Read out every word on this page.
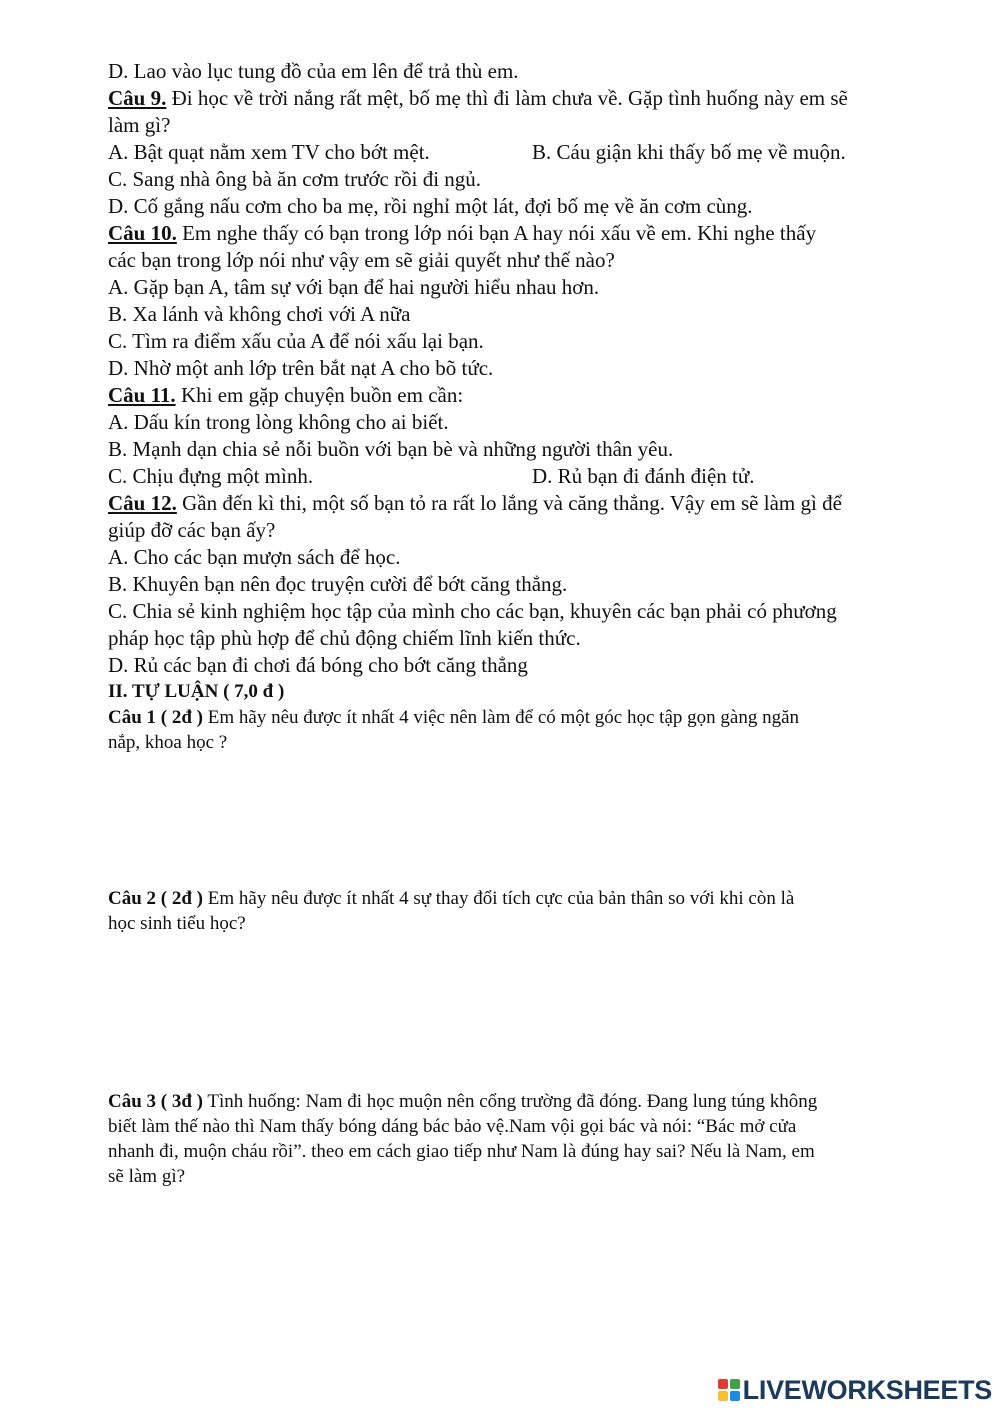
D. Lao vào lục tung đồ của em lên để trả thù em.

Câu 9. Đi học về trời nắng rất mệt, bố mẹ thì đi làm chưa về. Gặp tình huống này em sẽ

làm gì?

A. Bật quạt nằm xem TV cho bớt mệt.	B. Cáu giận khi thấy bố mẹ về muộn.

C. Sang nhà ông bà ăn cơm trước rồi đi ngủ.

D. Cố gắng nấu cơm cho ba mẹ, rồi nghỉ một lát, đợi bố mẹ về ăn cơm cùng.

Câu 10. Em nghe thấy có bạn trong lớp nói bạn A hay nói xấu về em. Khi nghe thấy

các bạn trong lớp nói như vậy em sẽ giải quyết như thế nào?

A. Gặp bạn A, tâm sự với bạn để hai người hiểu nhau hơn.

B. Xa lánh và không chơi với A nữa

C. Tìm ra điểm xấu của A để nói xấu lại bạn.

D. Nhờ một anh lớp trên bắt nạt A cho bõ tức.

Câu 11. Khi em gặp chuyện buồn em cần:

A. Dấu kín trong lòng không cho ai biết.

B. Mạnh dạn chia sẻ nỗi buồn với bạn bè và những người thân yêu.

C. Chịu đựng một mình.	D. Rủ bạn đi đánh điện tử.

Câu 12. Gần đến kì thi, một số bạn tỏ ra rất lo lắng và căng thẳng. Vậy em sẽ làm gì để

giúp đỡ các bạn ấy?

A. Cho các bạn mượn sách để học.

B. Khuyên bạn nên đọc truyện cười để bớt căng thẳng.

C. Chia sẻ kinh nghiệm học tập của mình cho các bạn, khuyên các bạn phải có phương

pháp học tập phù hợp để chủ động chiếm lĩnh kiến thức.

D. Rủ các bạn đi chơi đá bóng cho bớt căng thẳng

II. TỰ LUẬN ( 7,0 đ )

Câu 1 ( 2đ ) Em hãy nêu được ít nhất 4 việc nên làm để có một góc học tập gọn gàng ngăn

nắp, khoa học ?

Câu 2 ( 2đ ) Em hãy nêu được ít nhất 4 sự thay đổi tích cực của bản thân so với khi còn là

học sinh tiểu học?

Câu 3 ( 3đ ) Tình huống: Nam đi học muộn nên cổng trường đã đóng. Đang lung túng không

biết làm thế nào thì Nam thấy bóng dáng bác bảo vệ.Nam vội gọi bác và nói: “Bác mở cửa

nhanh đi, muộn cháu rồi”. theo em cách giao tiếp như Nam là đúng hay sai? Nếu là Nam, em

sẽ làm gì?

LIVEWORKSHEETS
